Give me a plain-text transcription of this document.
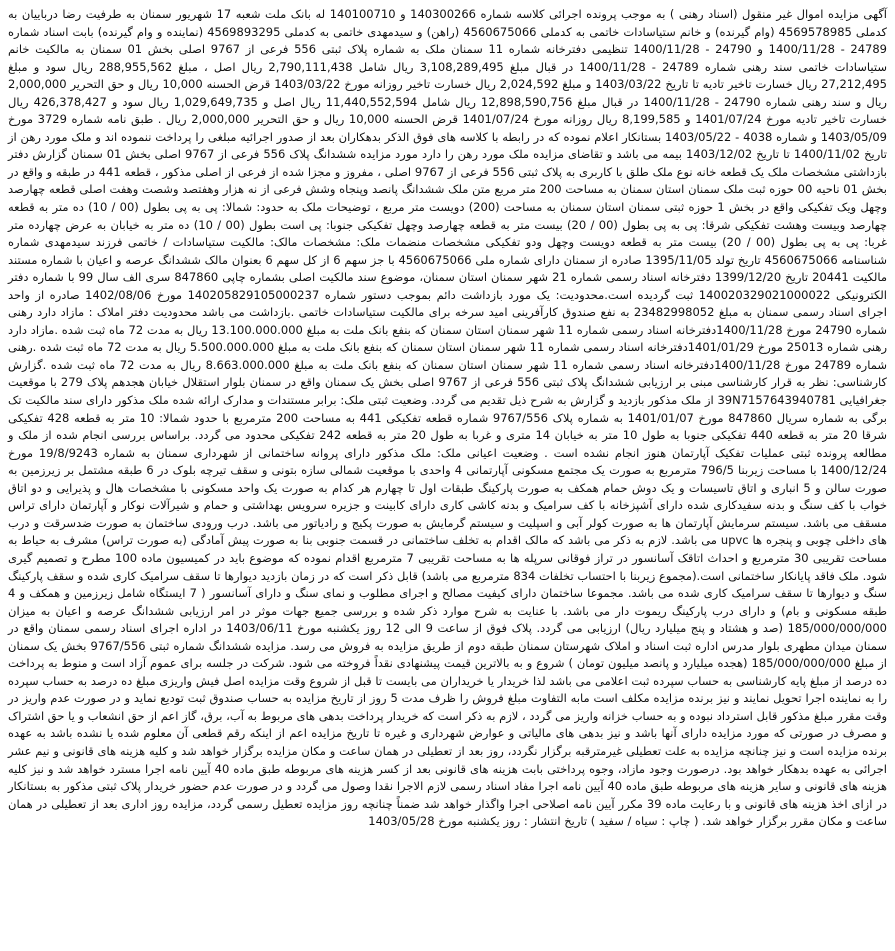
آگهی مزایده اموال غیر منقول (اسناد رهنی ) به موجب پرونده اجرائی کلاسه شماره 140300266 و 140100710 له بانک ملت شعبه 17 شهریور سمنان به طرفیت رضا درباییان به کدملی 4569578985 (وام گیرنده) و خانم ستیاسادات خاتمی به کدملی 4560675066 (راهن) و سیدمهدی خاتمی به کدملی 4569893295 (نماینده و وام گیرنده) بابت اسناد شماره 24789 - 1400/11/28 و 24790 - 1400/11/28 تنظیمی دفترخانه شماره 11 سمنان ملک به شماره پلاک ثبتی 556 فرعی از 9767 اصلی بخش 01 سمنان به مالکیت خانم ستیاسادات خاتمی سند رهنی شماره 24789 - 1400/11/28 در قبال مبلغ 3,108,289,495 ریال شامل 2,790,111,438 ریال اصل ، مبلغ 288,955,562 ریال سود و مبلغ 27,212,495 ریال خسارت تاخیر تادیه تا تاریخ 1403/03/22 و مبلغ 2,024,592 ریال خسارت تاخیر روزانه مورخ 1403/03/22 قرض الحسنه 10,000 ریال و حق التحریر 2,000,000 ریال و سند رهنی شماره 24790 - 1400/11/28 در قبال مبلغ 12,898,590,756 ریال شامل 11,440,552,594 ریال اصل و 1,029,649,735 ریال سود و 426,378,427 ریال خسارت تاخیر تادیه مورخ 1401/07/24 و 8,199,585 ریال روزانه مورخ 1401/07/24 قرض الحسنه 10,000 ریال و حق التحریر 2,000,000 ریال . طبق نامه شماره 3729 مورخ 1403/05/09 و شماره 4038 - 1403/05/22 بستانکار اعلام نموده که در رابطه با کلاسه های فوق الذکر بدهکاران بعد از صدور اجرائیه مبلغی را پرداخت ننموده اند و ملک مورد رهن از تاریخ 1400/11/02 تا تاریخ 1403/12/02 بیمه می باشد و تقاضای مزایده ملک مورد رهن را دارد مورد مزایده ششدانگ پلاک 556 فرعی از 9767 اصلی بخش 01 سمنان گزارش دفتر بازداشتی مشخصات ملک یک قطعه خانه نوع ملک طلق با کاربری به پلاک ثبتی 556 فرعی از 9767 اصلی ، مفروز و مجزا شده از فرعی از اصلی مذکور ، قطعه 441 در طبقه و واقع در بخش 01 ناحیه 00 حوزه ثبت ملک سمنان استان سمنان به مساحت 200 متر مربع متن ملک ششدانگ پانصد وپنجاه وشش فرعی از نه هزار وهفتصد وشصت وهفت اصلی قطعه چهارصد وچهل ویک تفکیکی واقع در بخش 1 حوزه ثبتی سمنان استان سمنان به مساحت (200) دویست متر مربع ، توضیحات ملک به حدود: شمالا: پی به پی بطول (00 / 10) ده متر به قطعه چهارصد وبیست وهشت تفکیکی شرقا: پی به پی بطول (00 / 20) بیست متر به قطعه چهارصد وچهل تفکیکی جنوبا: پی است بطول (00 / 10) ده متر به خیابان به عرض چهارده متر غربا: پی به پی بطول (00 / 20) بیست متر به قطعه دویست وچهل ودو تفکیکی مشخصات منضمات ملک: مشخصات مالک: مالکیت ستیاسادات / خاتمی فرزند سیدمهدی شماره شناسنامه 4560675066 تاریخ تولد 1395/11/05 صادره از سمنان دارای شماره ملی 4560675066 با جز سهم 6 از کل سهم 6 بعنوان مالک ششدانگ عرصه و اعیان با شماره مستند مالکیت 20441 تاریخ 1399/12/20 دفترخانه اسناد رسمی شماره 21 شهر سمنان استان سمنان، موضوع سند مالکیت اصلی بشماره چاپی 847860 سری الف سال 99 با شماره دفتر الکترونیکی 140020329021000022 ثبت گردیده است.محدودیت: یک مورد بازداشت دائم بموجب دستور شماره 140205829105000237 مورخ 1402/08/06 صادره از واحد اجرای اسناد رسمی سمنان به مبلغ 23482998052 به نفع صندوق کارآفرینی امید سرخه برای مالکیت ستیاسادات خاتمی .بازداشت می باشد محدودیت دفتر املاک : مازاد دارد رهنی شماره 24790 مورخ 1400/11/28دفترخانه اسناد رسمی شماره 11 شهر سمنان استان سمنان که بنفع بانک ملت به مبلغ 13.100.000.000 ریال به مدت 72 ماه ثبت شده .مازاد دارد رهنی شماره 25013 مورخ 1401/01/29دفترخانه اسناد رسمی شماره 11 شهر سمنان استان سمنان که بنفع بانک ملت به مبلغ 5.500.000.000 ریال به مدت 72 ماه ثبت شده .رهنی شماره 24789 مورخ 1400/11/28دفترخانه اسناد رسمی شماره 11 شهر سمنان استان سمنان که بنفع بانک ملت به مبلغ 8.663.000.000 ریال به مدت 72 ماه ثبت شده .گزارش کارشناسی: نظر به قرار کارشناسی مبنی بر ارزیابی ششدانگ پلاک ثبتی 556 فرعی از 9767 اصلی بخش یک سمنان واقع در سمنان بلوار استقلال خیابان هجدهم پلاک 279 با موقعیت جغرافیایی 39N7157643940781 از ملک مذکور بازدید و گزارش به شرح ذیل تقدیم می گردد. وضعیت ثبتی ملک: برابر مستندات و مدارک ارائه شده ملک مذکور دارای سند مالکیت تک برگی به شماره سریال 847860 مورخ 1401/01/07 به شماره پلاک 9767/556 شماره قطعه تفکیکی 441 به مساحت 200 مترمربع با حدود شمالا: 10 متر به قطعه 428 تفکیکی شرقا 20 متر به قطعه 440 تفکیکی جنوبا به طول 10 متر به خیابان 14 متری و غربا به طول 20 متر به قطعه 242 تفکیکی محدود می گردد. براساس بررسی انجام شده از ملک و مطالعه پرونده ثبتی عملیات تفکیک آپارتمان هنوز انجام نشده است . وضعیت اعیانی ملک: ملک مذکور دارای پروانه ساختمانی از شهرداری سمنان به شماره 19/8/9243 مورخ 1400/12/24 با مساحت زیربنا 796/5 مترمربع به صورت یک مجتمع مسکونی آپارتمانی 4 واحدی با موقعیت شمالی سازه بتونی و سقف تیرچه بلوک در 6 طبقه مشتمل بر زیرزمین به صورت سالن و 5 انباری و اتاق تاسیسات و یک دوش حمام همکف به صورت پارکینگ طبقات اول تا چهارم هر کدام به صورت یک واحد مسکونی با مشخصات هال و پذیرایی و دو اتاق خواب با کف سنگ و بدنه سفیدکاری شده دارای آشپزخانه با کف سرامیک و بدنه کاشی کاری دارای کابینت و جزیره سرویس بهداشتی و حمام و شیرآلات نوکار و آپارتمان دارای تراس مسقف می باشد. سیستم سرمایش آپارتمان ها به صورت کولر آبی و اسپلیت و سیستم گرمایش به صورت پکیج و رادیاتور می باشد. درب ورودی ساختمان به صورت ضدسرقت و درب های داخلی چوبی و پنجره ها upvc می باشد. لازم به ذکر می باشد که مالک اقدام به تخلف ساختمانی در قسمت جنوبی بنا به صورت پیش آمادگی (به صورت تراس) مشرف به حیاط به مساحت تقریبی 30 مترمربع و احداث اتاقک آسانسور در تراز فوقانی سرپله ها به مساحت تقریبی 7 مترمربع اقدام نموده که موضوع باید در کمیسیون ماده 100 مطرح و تصمیم گیری شود. ملک فاقد پایانکار ساختمانی است.(مجموع زیربنا با احتساب تخلفات 834 مترمربع می باشد) قابل ذکر است که در زمان بازدید دیوارها تا سقف سرامیک کاری شده و سقف پارکینگ سنگ و دیوارها تا سقف سرامیک کاری شده می باشد. مجموعا ساختمان دارای کیفیت مصالح و اجرای مطلوب و نمای سنگ و دارای آسانسور ( 7 ایستگاه شامل زیرزمین و همکف و 4 طبقه مسکونی و بام) و دارای درب پارکینگ ریموت دار می باشد. با عنایت به شرح موارد ذکر شده و بررسی جمیع جهات موثر در امر ارزیابی ششدانگ عرصه و اعیان به میزان 185/000/000/000 (صد و هشتاد و پنج میلیارد ریال) ارزیابی می گردد. پلاک فوق از ساعت 9 الی 12 روز یکشنبه مورخ 1403/06/11 در اداره اجرای اسناد رسمی سمنان واقع در سمنان میدان مطهری بلوار مدرس اداره ثبت اسناد و املاک شهرستان سمنان طبقه دوم از طریق مزایده به فروش می رسد. مزایده ششدانگ شماره ثبتی 9767/556 بخش یک سمنان از مبلغ 185/000/000/000 (هجده میلیارد و پانصد میلیون تومان ) شروع و به بالاترین قیمت پیشنهادی نقداً فروخته می شود. شرکت در جلسه برای عموم آزاد است و منوط به پرداخت ده درصد از مبلغ پایه کارشناسی به حساب سپرده ثبت اعلامی می باشد لذا خریدار یا خریداران می بایست تا قبل از شروع وقت مزایده اصل فیش واریزی مبلغ ده درصد به حساب سپرده را به نماینده اجرا تحویل نمایند و نیز برنده مزایده مکلف است مابه التفاوت مبلغ فروش را ظرف مدت 5 روز از تاریخ مزایده به حساب صندوق ثبت تودیع نماید و در صورت عدم واریز در وقت مقرر مبلغ مذکور قابل استرداد نبوده و به حساب خزانه واریز می گردد ، لازم به ذکر است که خریدار پرداخت بدهی های مربوط به آب، برق، گاز اعم از حق انشعاب و یا حق اشتراک و مصرف در صورتی که مورد مزایده دارای آنها باشد و نیز بدهی های مالیاتی و عوارض شهرداری و غیره تا تاریخ مزایده اعم از اینکه رقم قطعی آن معلوم شده یا نشده باشد به عهده برنده مزایده است و نیز چنانچه مزایده به علت تعطیلی غیرمترقبه برگزار نگردد، روز بعد از تعطیلی در همان ساعت و مکان مزایده برگزار خواهد شد و کلیه هزینه های قانونی و نیم عشر اجرائی به عهده بدهکار خواهد بود. درصورت وجود مازاد، وجوه پرداختی بابت هزینه های قانونی بعد از کسر هزینه های مربوطه طبق ماده 40 آیین نامه اجرا مسترد خواهد شد و نیز کلیه هزینه های قانونی و سایر هزینه های مربوطه طبق ماده 40 آیین نامه اجرا مفاد اسناد رسمی لازم الاجرا نقدا وصول می گردد و در صورت عدم حضور خریدار پلاک ثبتی مذکور به بستانکار در ازای اخذ هزینه های قانونی و با رعایت ماده 39 مکرر آیین نامه اصلاحی اجرا واگذار خواهد شد ضمناً چنانچه روز مزایده تعطیل رسمی گردد، مزایده روز اداری بعد از تعطیلی در همان ساعت و مکان مقرر برگزار خواهد شد. ( چاپ : سیاه / سفید ) تاریخ انتشار : روز یکشنبه مورخ 1403/05/28
